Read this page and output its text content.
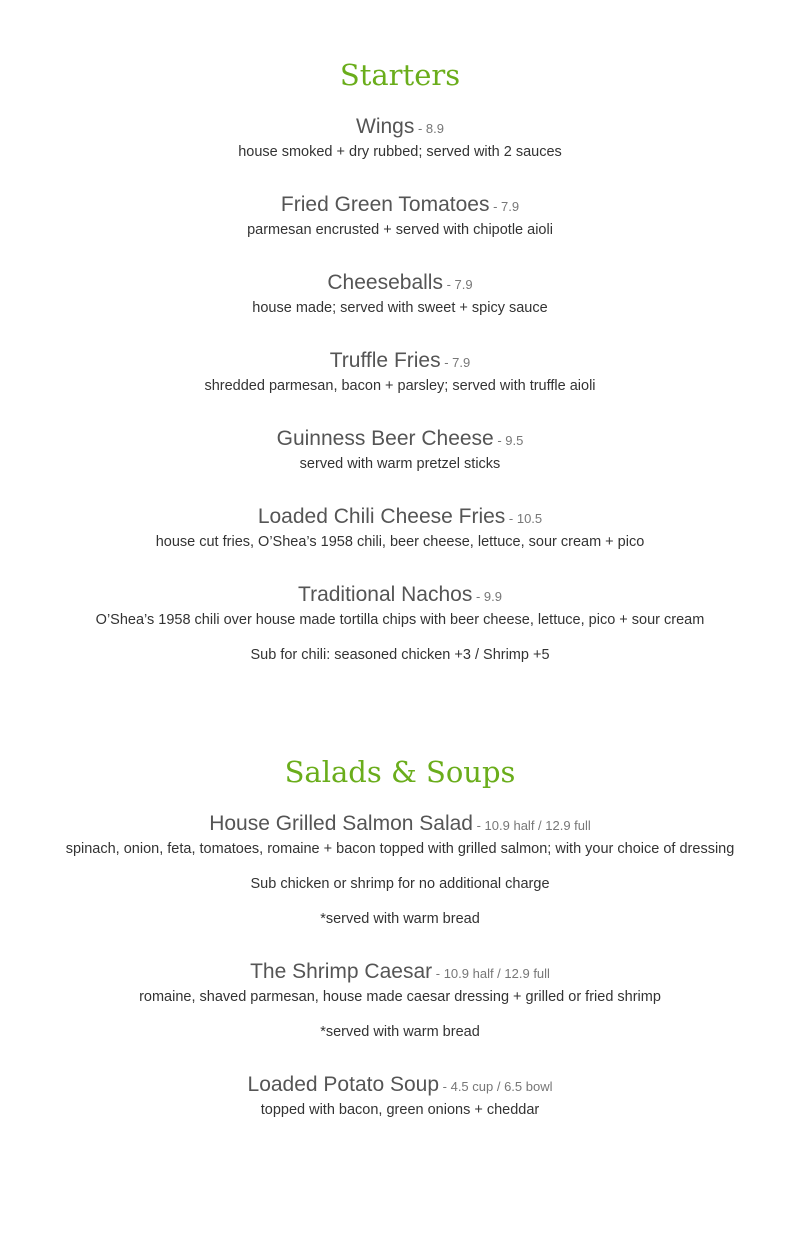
Starters

Wings - 8.9

house smoked + dry rubbed; served with 2 sauces

Fried Green Tomatoes - 7.9

parmesan encrusted + served with chipotle aioli

Cheeseballs - 7.9

house made; served with sweet + spicy sauce

Truffle Fries - 7.9

shredded parmesan, bacon + parsley; served with truffle aioli

Guinness Beer Cheese - 9.5

served with warm pretzel sticks

Loaded Chili Cheese Fries - 10.5

house cut fries, O’Shea’s 1958 chili, beer cheese, lettuce, sour cream + pico

Traditional Nachos - 9.9

O’Shea’s 1958 chili over house made tortilla chips with beer cheese, lettuce, pico + sour cream

Sub for chili: seasoned chicken +3 / Shrimp +5

Salads & Soups

House Grilled Salmon Salad - 10.9 half / 12.9 full

spinach, onion, feta, tomatoes, romaine + bacon topped with grilled salmon; with your choice of dressing

Sub chicken or shrimp for no additional charge

*served with warm bread

The Shrimp Caesar - 10.9 half / 12.9 full

romaine, shaved parmesan, house made caesar dressing + grilled or fried shrimp

*served with warm bread

Loaded Potato Soup - 4.5 cup / 6.5 bowl

topped with bacon, green onions + cheddar
